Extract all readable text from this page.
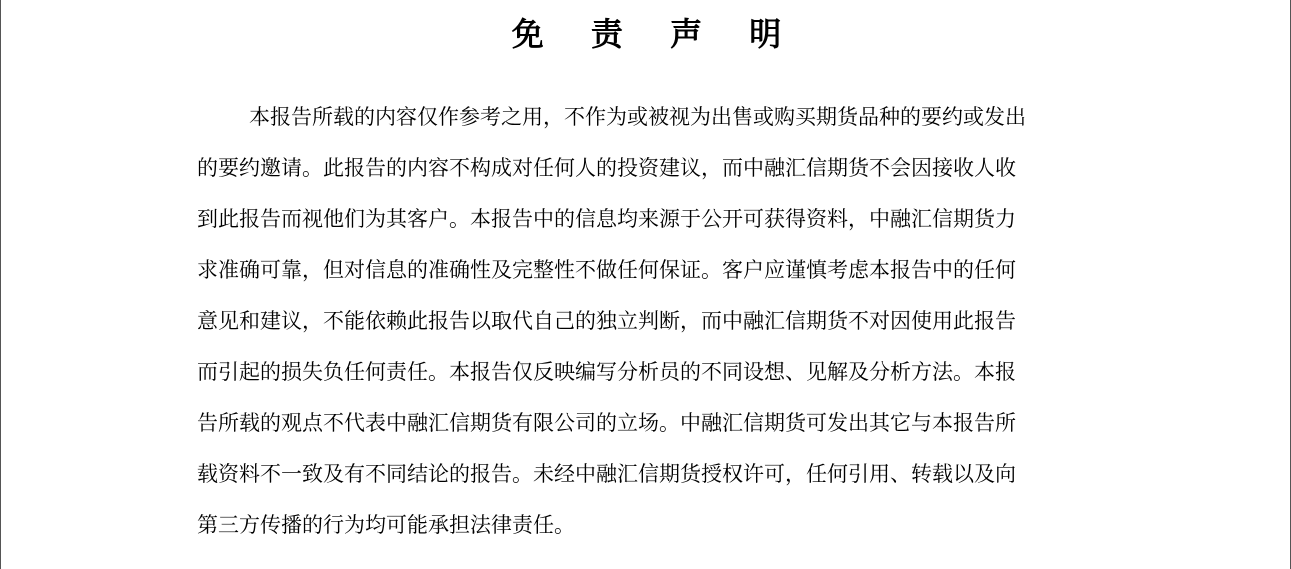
免 责 声 明
本报告所载的内容仅作参考之用，不作为或被视为出售或购买期货品种的要约或发出
的要约邀请。此报告的内容不构成对任何人的投资建议，而中融汇信期货不会因接收人收
到此报告而视他们为其客户。本报告中的信息均来源于公开可获得资料，中融汇信期货力
求准确可靠，但对信息的准确性及完整性不做任何保证。客户应谨慎考虑本报告中的任何
意见和建议，不能依赖此报告以取代自己的独立判断，而中融汇信期货不对因使用此报告
而引起的损失负任何责任。本报告仅反映编写分析员的不同设想、见解及分析方法。本报
告所载的观点不代表中融汇信期货有限公司的立场。中融汇信期货可发出其它与本报告所
载资料不一致及有不同结论的报告。未经中融汇信期货授权许可，任何引用、转载以及向
第三方传播的行为均可能承担法律责任。
